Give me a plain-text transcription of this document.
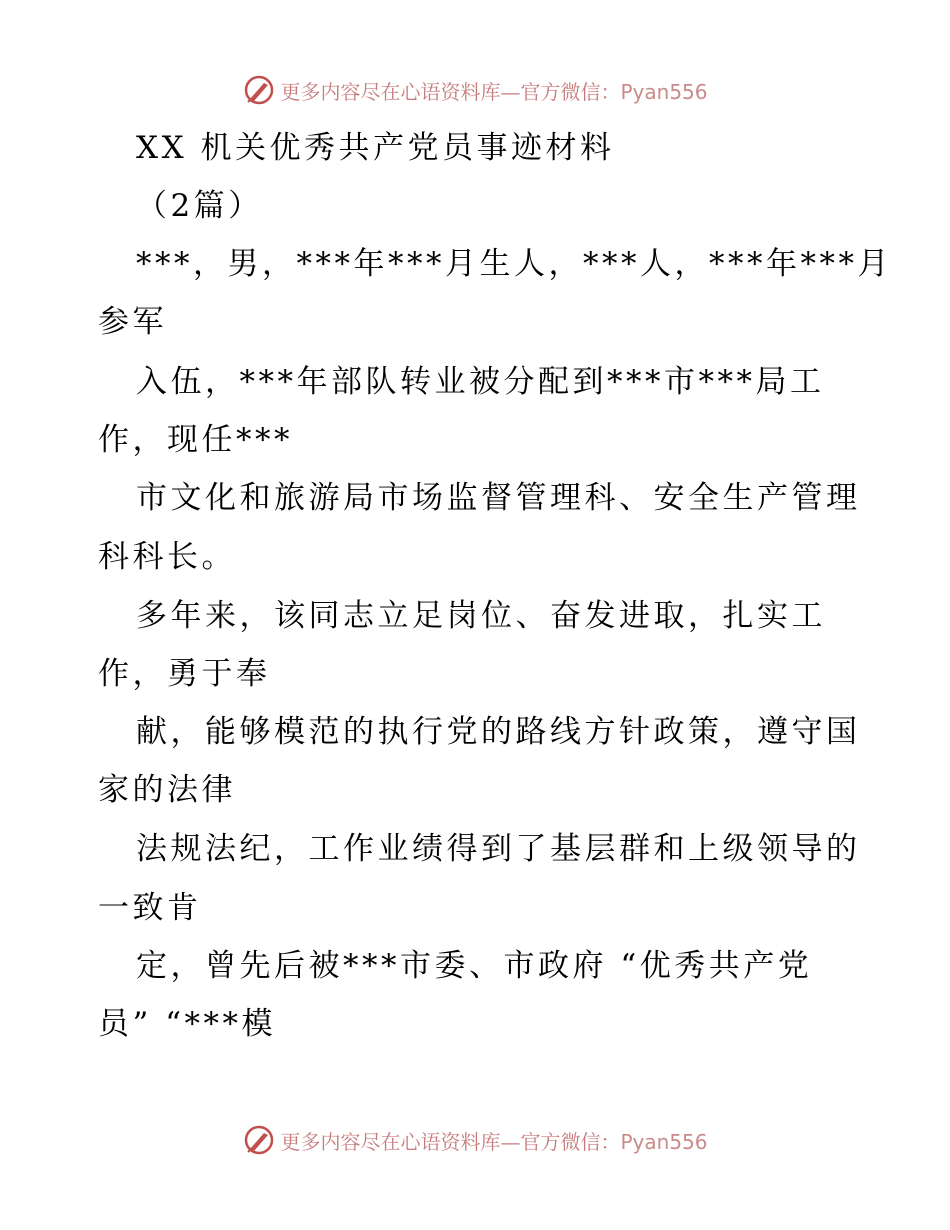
更多内容尽在心语资料库—官方微信：Pyan556
XX 机关优秀共产党员事迹材料
（2篇）
***，男，***年***月生人，***人，***年***月
参军
入伍，***年部队转业被分配到***市***局工
作，现任***
市文化和旅游局市场监督管理科、安全生产管理
科科长。
多年来，该同志立足岗位、奋发进取，扎实工
作，勇于奉
献，能够模范的执行党的路线方针政策，遵守国
家的法律
法规法纪，工作业绩得到了基层群和上级领导的
一致肯
定，曾先后被***市委、市政府 “优秀共产党
员” “***模
更多内容尽在心语资料库—官方微信：Pyan556
